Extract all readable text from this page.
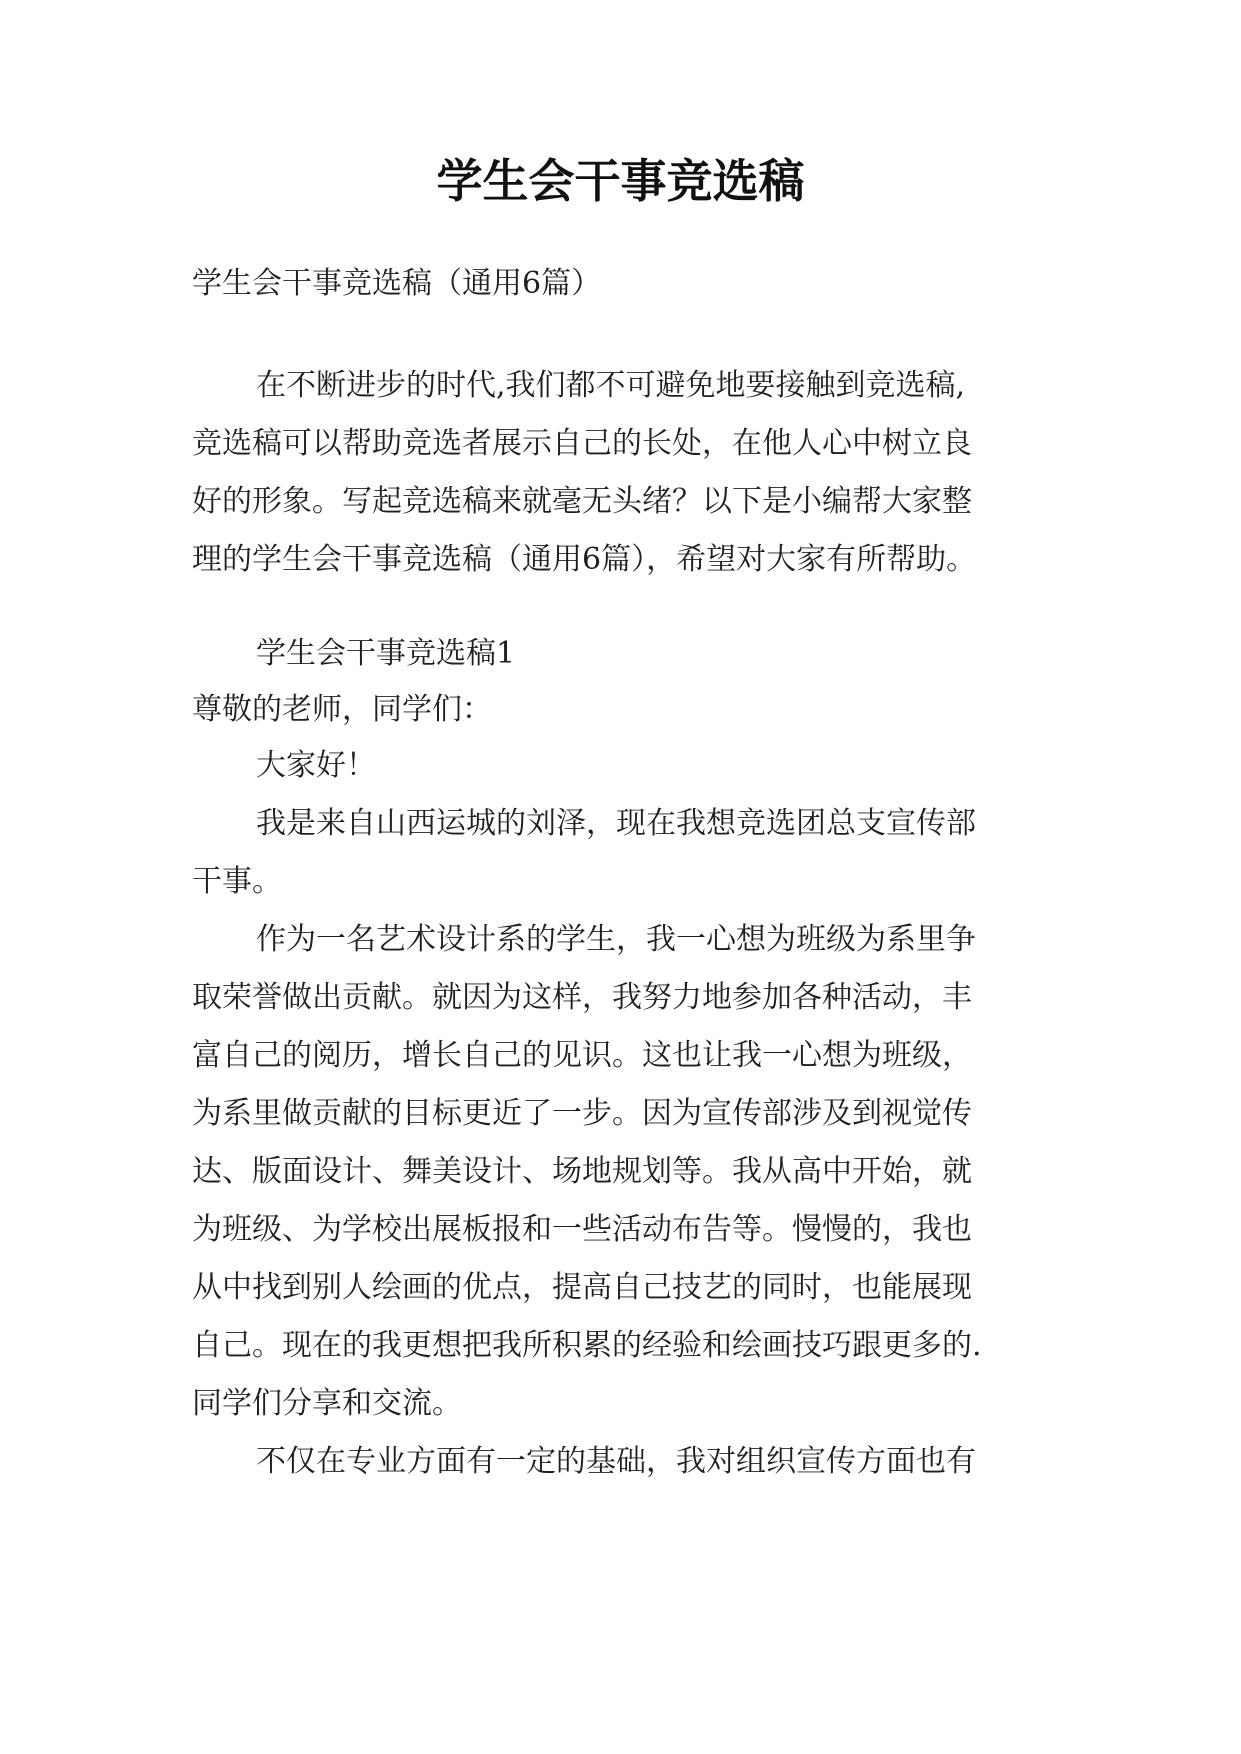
学生会干事竞选稿
学生会干事竞选稿（通用6篇）
在不断进步的时代,我们都不可避免地要接触到竞选稿,
竞选稿可以帮助竞选者展示自己的长处，在他人心中树立良
好的形象。写起竞选稿来就毫无头绪？以下是小编帮大家整
理的学生会干事竞选稿（通用6篇），希望对大家有所帮助。
学生会干事竞选稿1
尊敬的老师，同学们：
大家好！
我是来自山西运城的刘泽，现在我想竞选团总支宣传部
干事。
作为一名艺术设计系的学生，我一心想为班级为系里争
取荣誉做出贡献。就因为这样，我努力地参加各种活动，丰
富自己的阅历，增长自己的见识。这也让我一心想为班级，
为系里做贡献的目标更近了一步。因为宣传部涉及到视觉传
达、版面设计、舞美设计、场地规划等。我从高中开始，就
为班级、为学校出展板报和一些活动布告等。慢慢的，我也
从中找到别人绘画的优点，提高自己技艺的同时，也能展现
自己。现在的我更想把我所积累的经验和绘画技巧跟更多的.
同学们分享和交流。
不仅在专业方面有一定的基础，我对组织宣传方面也有
